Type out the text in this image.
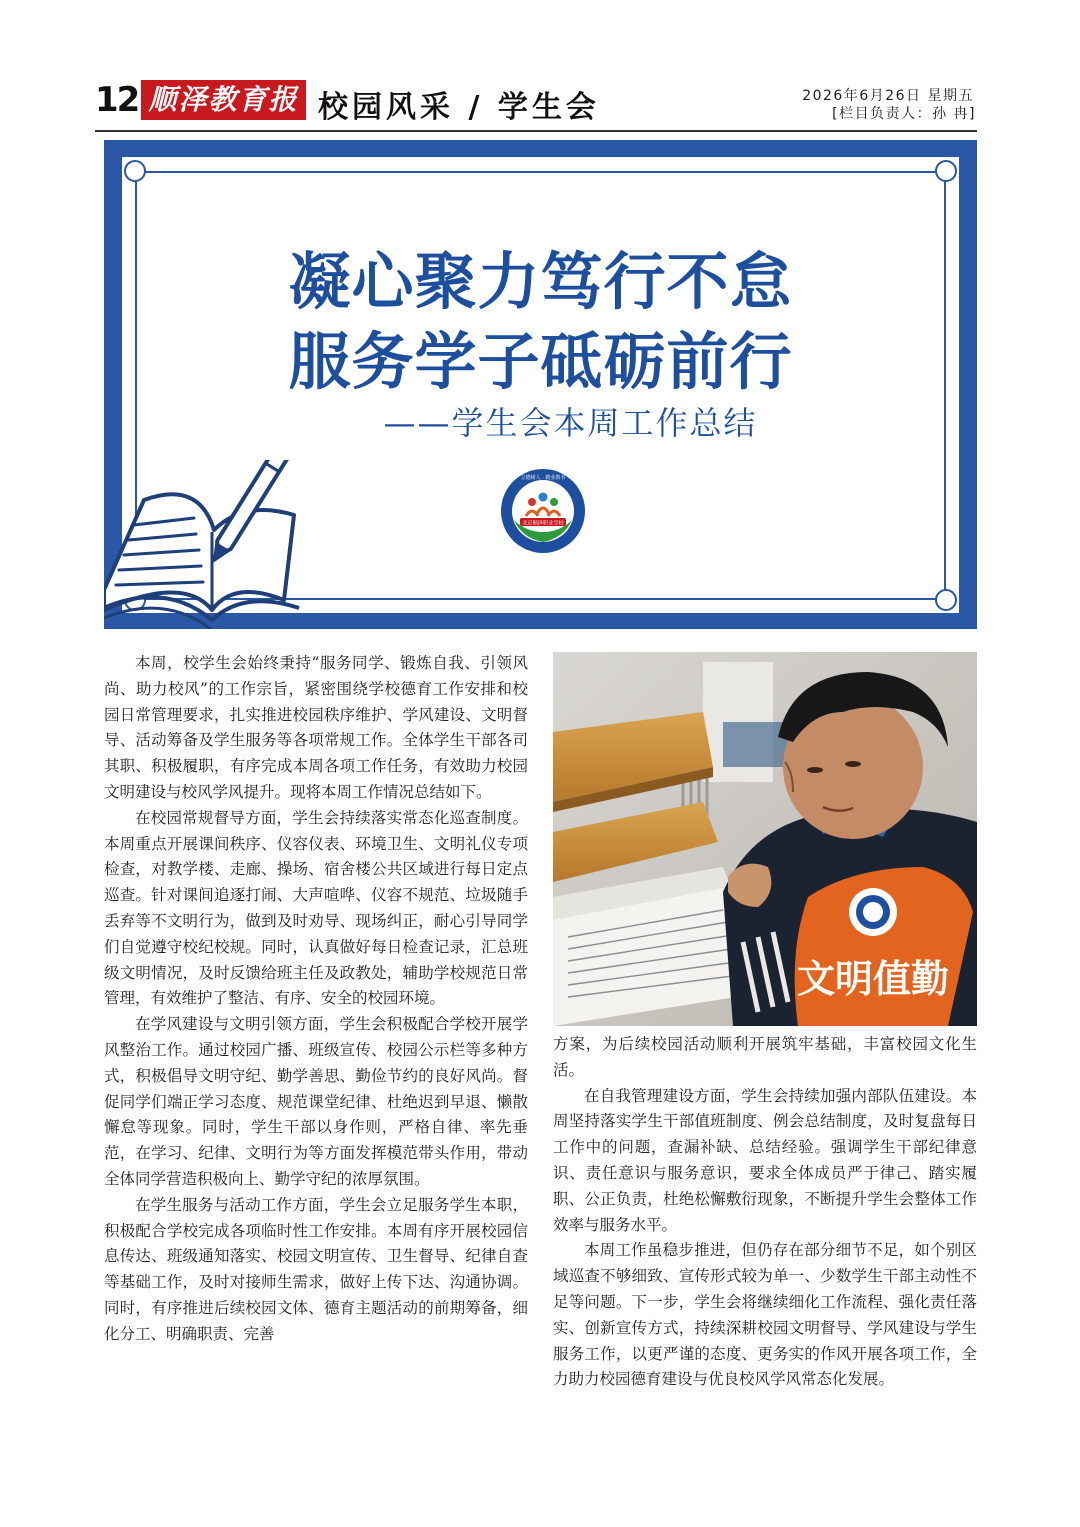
12 顺泽教育报 校园风采 / 学生会	2026年6月26日 星期五
[栏目负责人：孙 冉]
凝心聚力笃行不怠
服务学子砥砺前行
——学生会本周工作总结
北京顺泽职业学校
立德树人 · 精业教书

本周，校学生会始终秉持“服务同学、锻炼自我、引领风尚、助力校风”的工作宗旨，紧密围绕学校德育工作安排和校园日常管理要求，扎实推进校园秩序维护、学风建设、文明督导、活动筹备及学生服务等各项常规工作。全体学生干部各司其职、积极履职，有序完成本周各项工作任务，有效助力校园文明建设与校风学风提升。现将本周工作情况总结如下。

在校园常规督导方面，学生会持续落实常态化巡查制度。本周重点开展课间秩序、仪容仪表、环境卫生、文明礼仪专项检查，对教学楼、走廊、操场、宿舍楼公共区域进行每日定点巡查。针对课间追逐打闹、大声喧哗、仪容不规范、垃圾随手丢弃等不文明行为，做到及时劝导、现场纠正，耐心引导同学们自觉遵守校纪校规。同时，认真做好每日检查记录，汇总班级文明情况，及时反馈给班主任及政教处，辅助学校规范日常管理，有效维护了整洁、有序、安全的校园环境。

在学风建设与文明引领方面，学生会积极配合学校开展学风整治工作。通过校园广播、班级宣传、校园公示栏等多种方式，积极倡导文明守纪、勤学善思、勤俭节约的良好风尚。督促同学们端正学习态度、规范课堂纪律、杜绝迟到早退、懒散懈怠等现象。同时，学生干部以身作则，严格自律、率先垂范，在学习、纪律、文明行为等方面发挥模范带头作用，带动全体同学营造积极向上、勤学守纪的浓厚氛围。

在学生服务与活动工作方面，学生会立足服务学生本职，积极配合学校完成各项临时性工作安排。本周有序开展校园信息传达、班级通知落实、校园文明宣传、卫生督导、纪律自查等基础工作，及时对接师生需求，做好上传下达、沟通协调。同时，有序推进后续校园文体、德育主题活动的前期筹备，细化分工、明确职责、完善

文明值勤

方案，为后续校园活动顺利开展筑牢基础，丰富校园文化生活。

在自我管理建设方面，学生会持续加强内部队伍建设。本周坚持落实学生干部值班制度、例会总结制度，及时复盘每日工作中的问题，查漏补缺、总结经验。强调学生干部纪律意识、责任意识与服务意识，要求全体成员严于律己、踏实履职、公正负责，杜绝松懈敷衍现象，不断提升学生会整体工作效率与服务水平。

本周工作虽稳步推进，但仍存在部分细节不足，如个别区域巡查不够细致、宣传形式较为单一、少数学生干部主动性不足等问题。下一步，学生会将继续细化工作流程、强化责任落实、创新宣传方式，持续深耕校园文明督导、学风建设与学生服务工作，以更严谨的态度、更务实的作风开展各项工作，全力助力校园德育建设与优良校风学风常态化发展。
